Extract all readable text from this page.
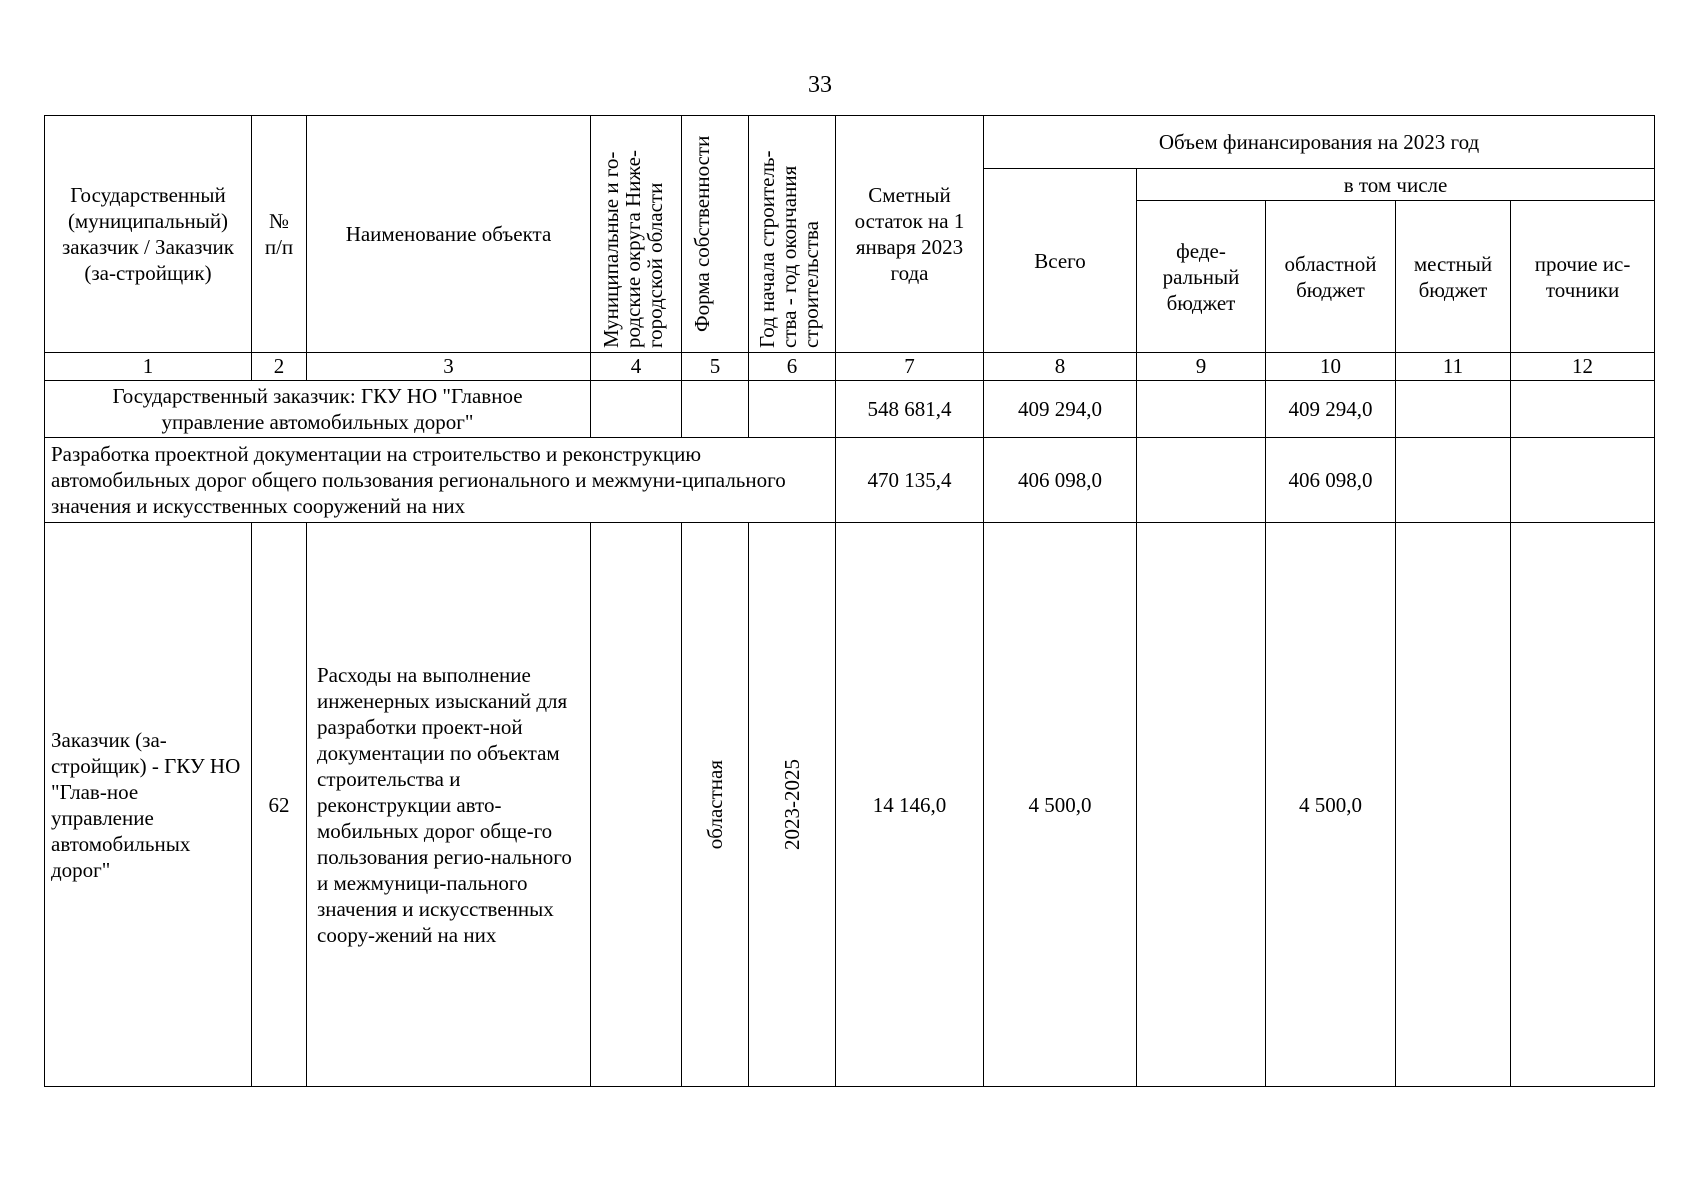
33
Государственный (муниципальный) заказчик / Заказчик (за-стройщик)	№ п/п	Наименование объекта	Муниципальные и го-родские округа Ниже-городской области	Форма собственности	Год начала строитель-ства - год окончания строительства	Сметный остаток на 1 января 2023 года	Объем финансирования на 2023 год				
							Всего	в том числе			
								феде-ральный бюджет	областной бюджет	местный бюджет	прочие ис-точники
1	2	3	4	5	6	7	8	9	10	11	12
Государственный заказчик: ГКУ НО "Главное управление автомобильных дорог"						548 681,4	409 294,0		409 294,0		
Разработка проектной документации на строительство и реконструкцию автомобильных дорог общего пользования регионального и межмуни-ципального значения и искусственных сооружений на них						470 135,4	406 098,0		406 098,0		
Заказчик (за-стройщик) - ГКУ НО "Глав-ное управление автомобильных дорог"	62	Расходы на выполнение инженерных изысканий для разработки проект-ной документации по объектам строительства и реконструкции авто-мобильных дорог обще-го пользования регио-нального и межмуници-пального значения и искусственных соору-жений на них		областная	2023-2025	14 146,0	4 500,0		4 500,0		
